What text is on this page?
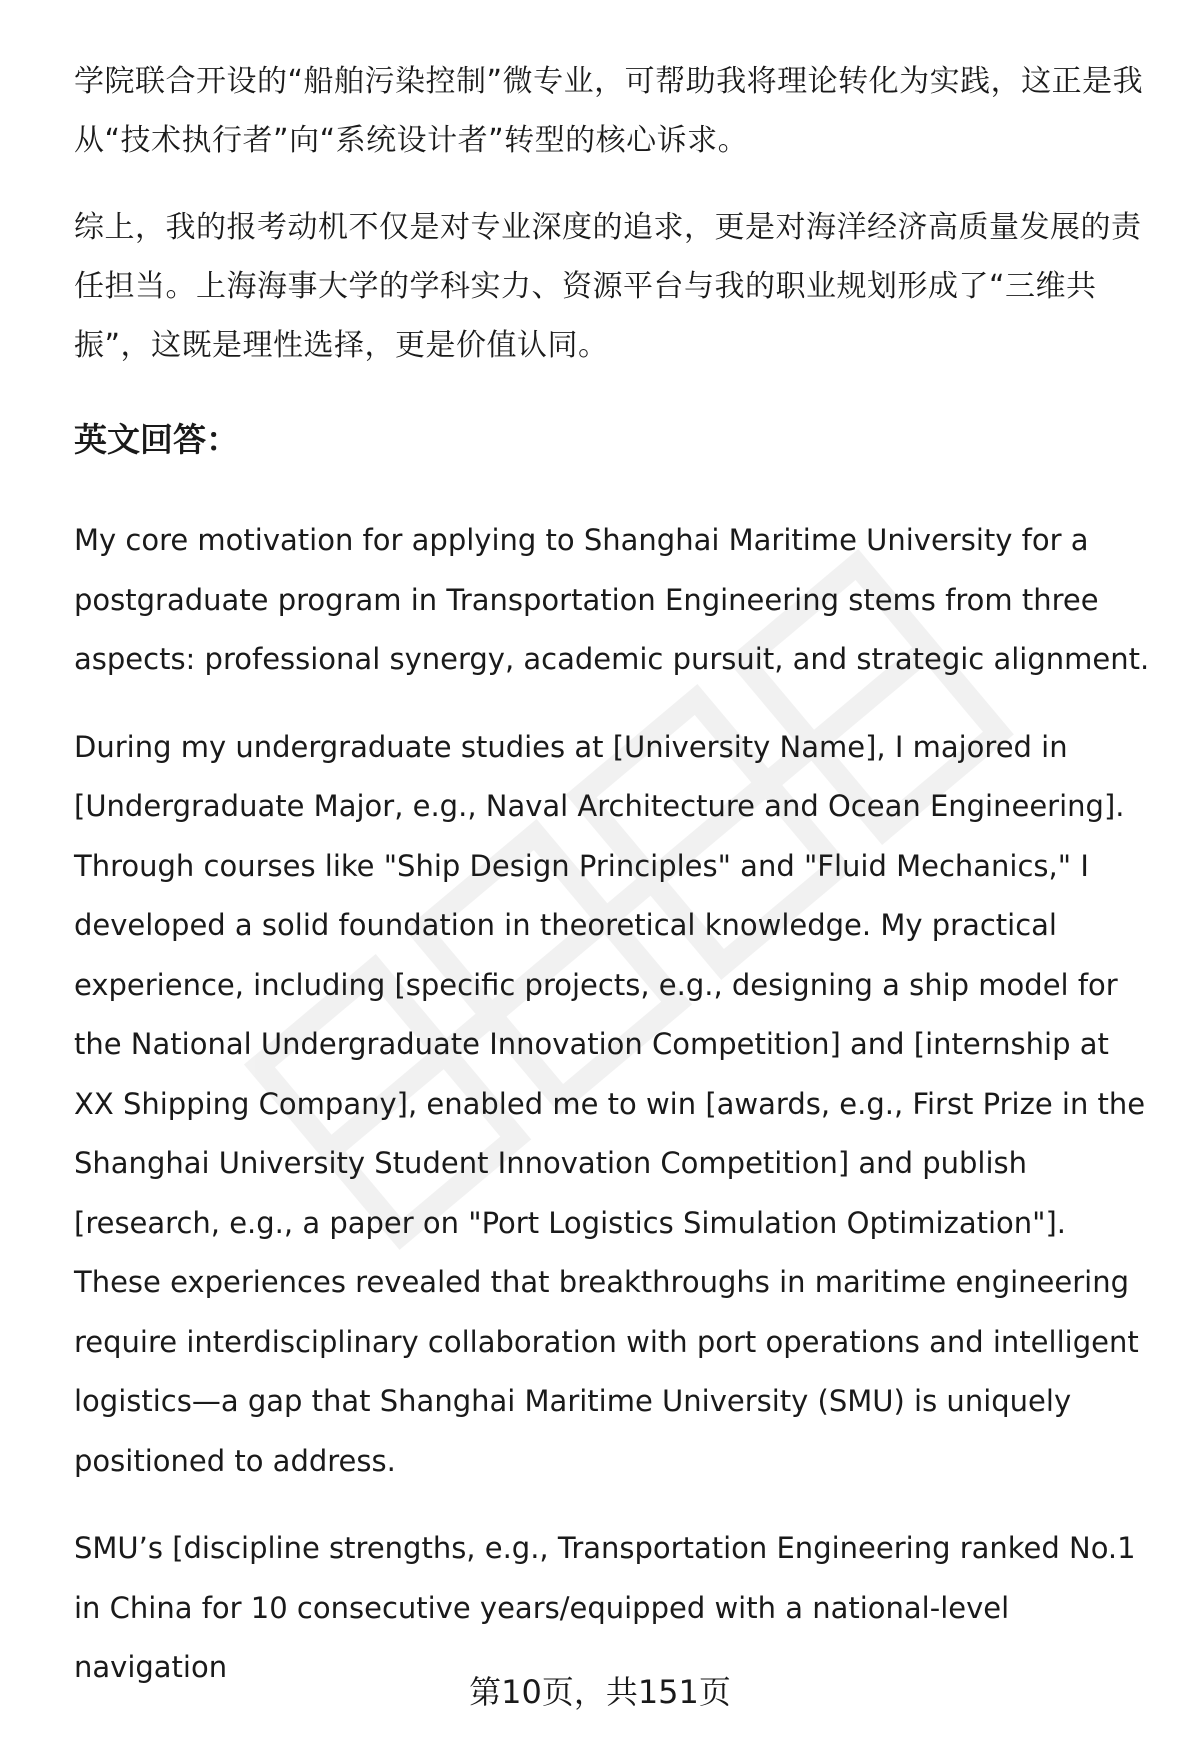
学院联合开设的“船舶污染控制”微专业，可帮助我将理论转化为实践，这正是我从“技术执行者”向“系统设计者”转型的核心诉求。

综上，我的报考动机不仅是对专业深度的追求，更是对海洋经济高质量发展的责任担当。上海海事大学的学科实力、资源平台与我的职业规划形成了“三维共振”，这既是理性选择，更是价值认同。

英文回答：

My core motivation for applying to Shanghai Maritime University for a postgraduate program in Transportation Engineering stems from three aspects: professional synergy, academic pursuit, and strategic alignment.

During my undergraduate studies at [University Name], I majored in [Undergraduate Major, e.g., Naval Architecture and Ocean Engineering]. Through courses like "Ship Design Principles" and "Fluid Mechanics," I developed a solid foundation in theoretical knowledge. My practical experience, including [specific projects, e.g., designing a ship model for the National Undergraduate Innovation Competition] and [internship at XX Shipping Company], enabled me to win [awards, e.g., First Prize in the Shanghai University Student Innovation Competition] and publish [research, e.g., a paper on "Port Logistics Simulation Optimization"]. These experiences revealed that breakthroughs in maritime engineering require interdisciplinary collaboration with port operations and intelligent logistics—a gap that Shanghai Maritime University (SMU) is uniquely positioned to address.

SMU’s [discipline strengths, e.g., Transportation Engineering ranked No.1 in China for 10 consecutive years/equipped with a national-level navigation

第10页，共151页
